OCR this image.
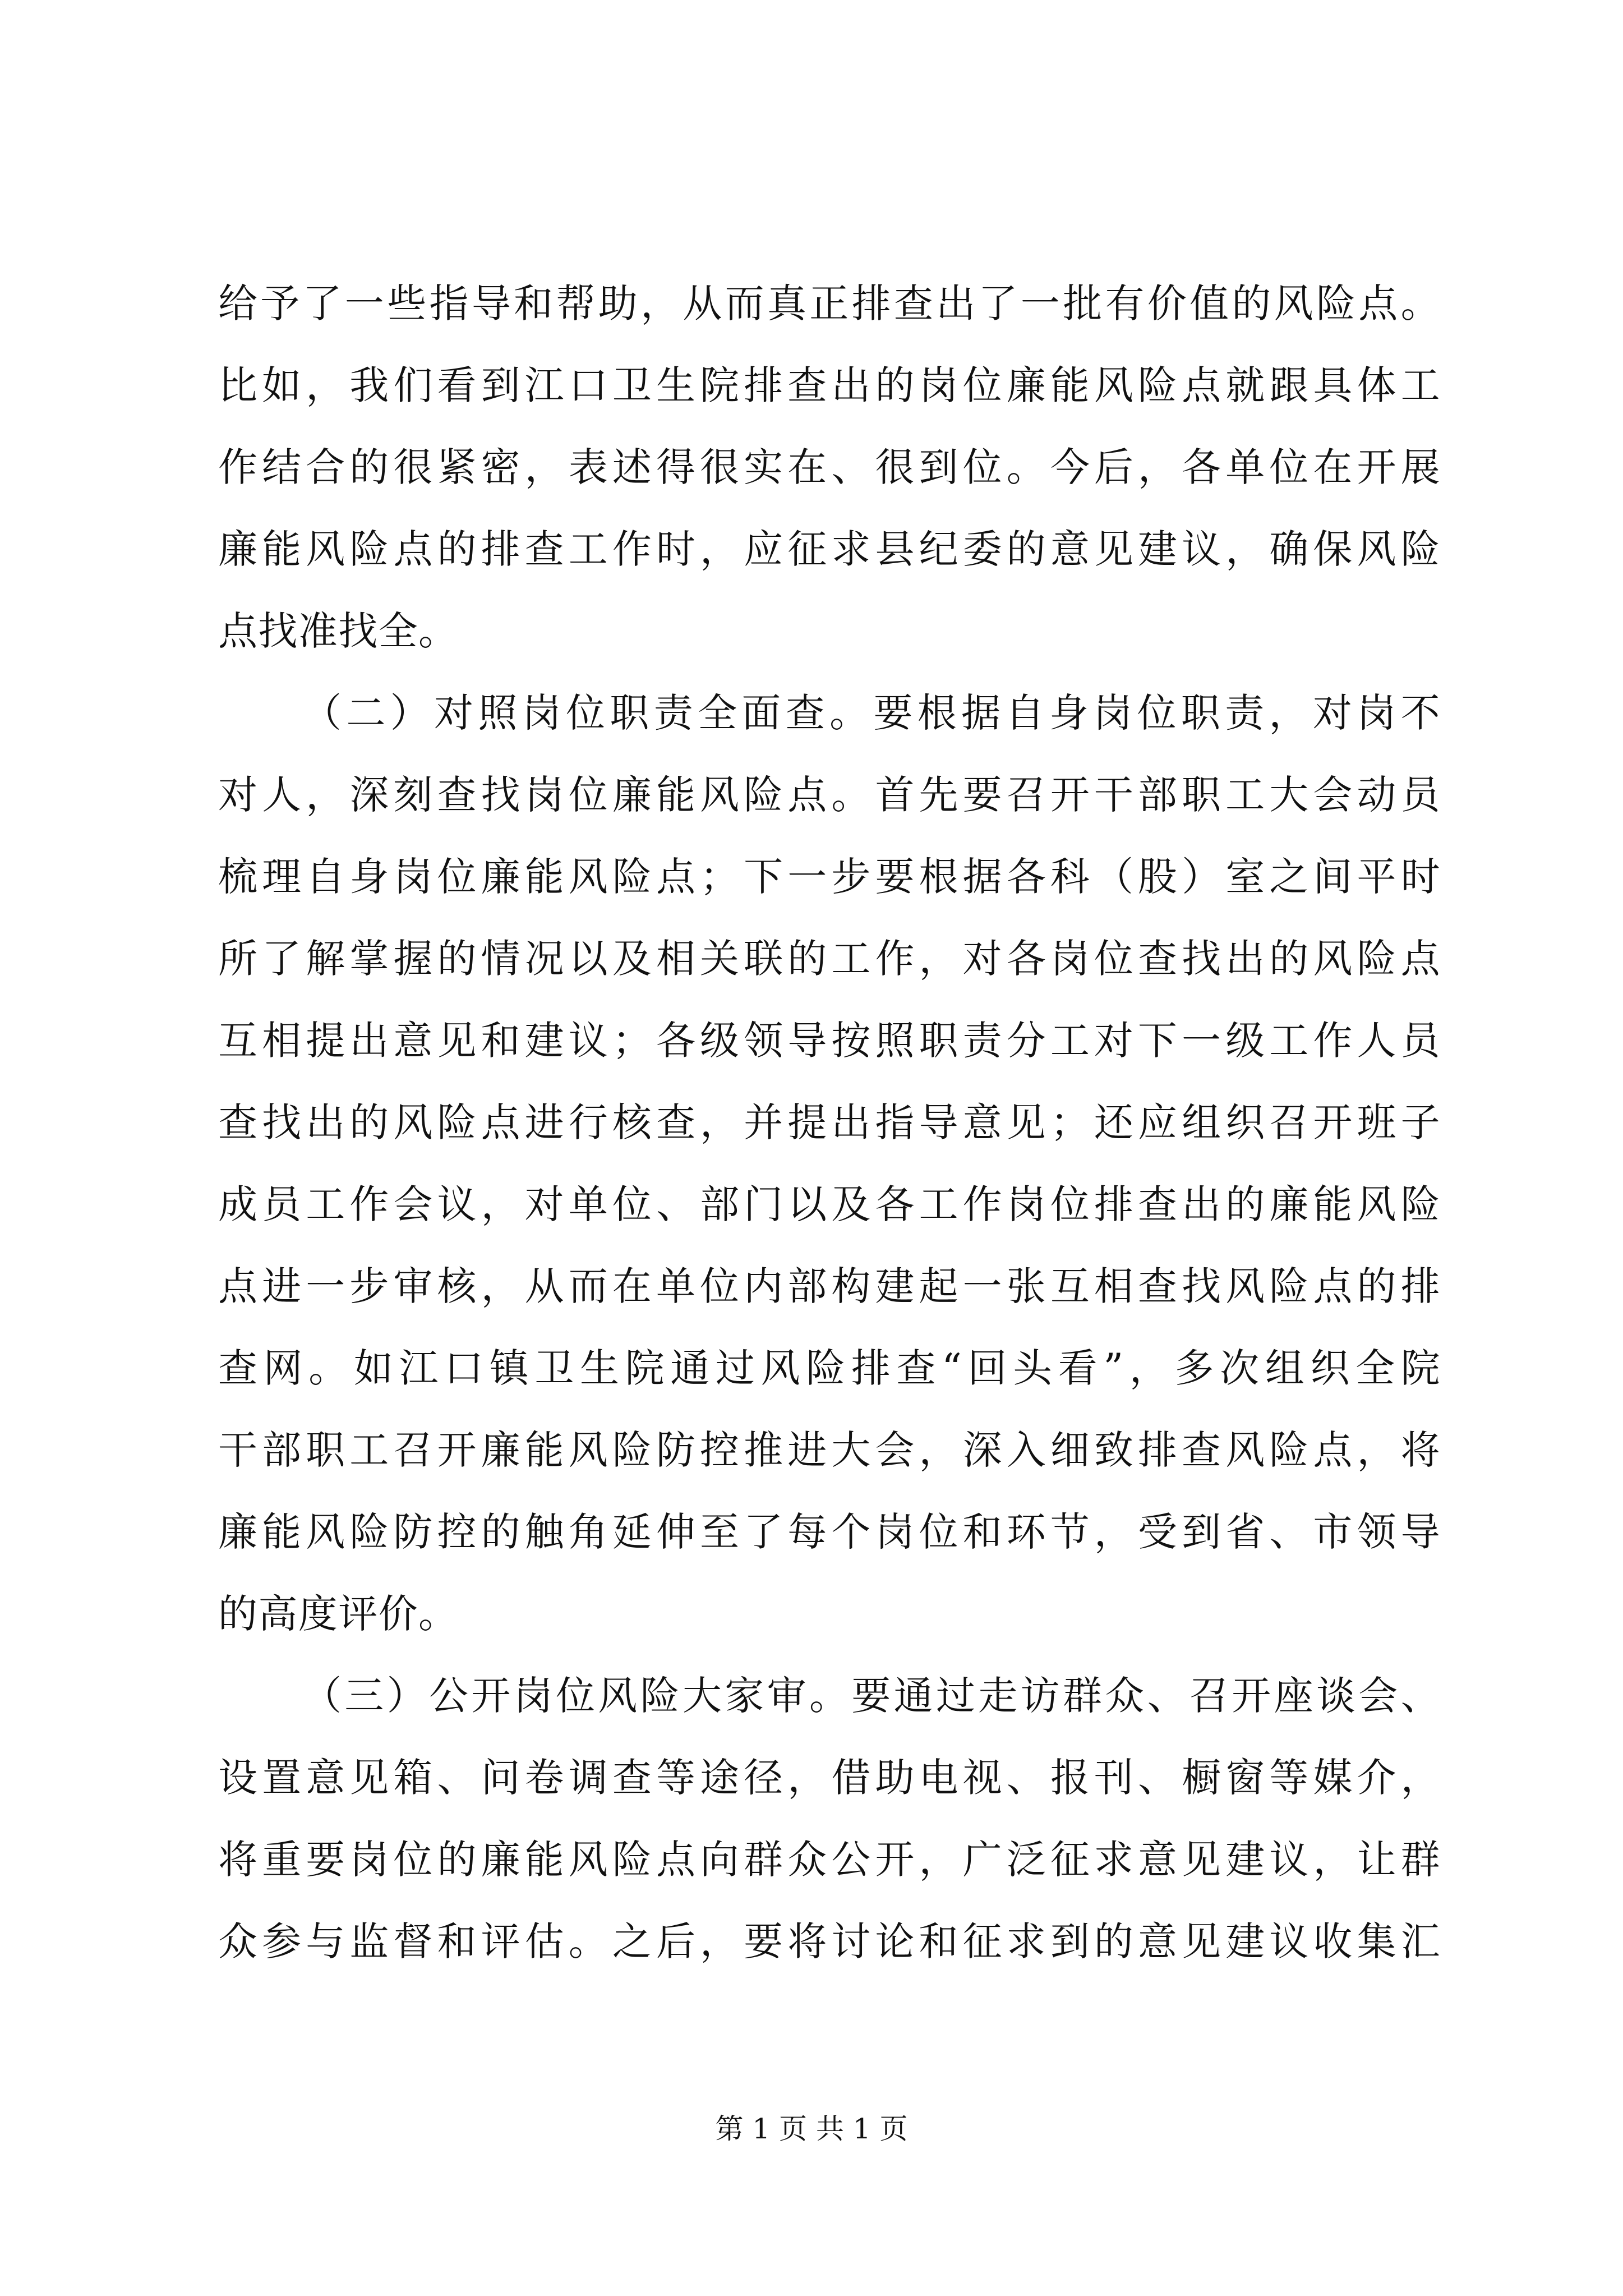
给予了一些指导和帮助，从而真正排查出了一批有价值的风险点。
比如，我们看到江口卫生院排查出的岗位廉能风险点就跟具体工
作结合的很紧密，表述得很实在、很到位。今后，各单位在开展
廉能风险点的排查工作时，应征求县纪委的意见建议，确保风险
点找准找全。
（二）对照岗位职责全面查。要根据自身岗位职责，对岗不
对人，深刻查找岗位廉能风险点。首先要召开干部职工大会动员
梳理自身岗位廉能风险点；下一步要根据各科（股）室之间平时
所了解掌握的情况以及相关联的工作，对各岗位查找出的风险点
互相提出意见和建议；各级领导按照职责分工对下一级工作人员
查找出的风险点进行核查，并提出指导意见；还应组织召开班子
成员工作会议，对单位、部门以及各工作岗位排查出的廉能风险
点进一步审核，从而在单位内部构建起一张互相查找风险点的排
查网。如江口镇卫生院通过风险排查“回头看”，多次组织全院
干部职工召开廉能风险防控推进大会，深入细致排查风险点，将
廉能风险防控的触角延伸至了每个岗位和环节，受到省、市领导
的高度评价。
（三）公开岗位风险大家审。要通过走访群众、召开座谈会、
设置意见箱、问卷调查等途径，借助电视、报刊、橱窗等媒介，
将重要岗位的廉能风险点向群众公开，广泛征求意见建议，让群
众参与监督和评估。之后，要将讨论和征求到的意见建议收集汇
第 1 页 共 1 页
